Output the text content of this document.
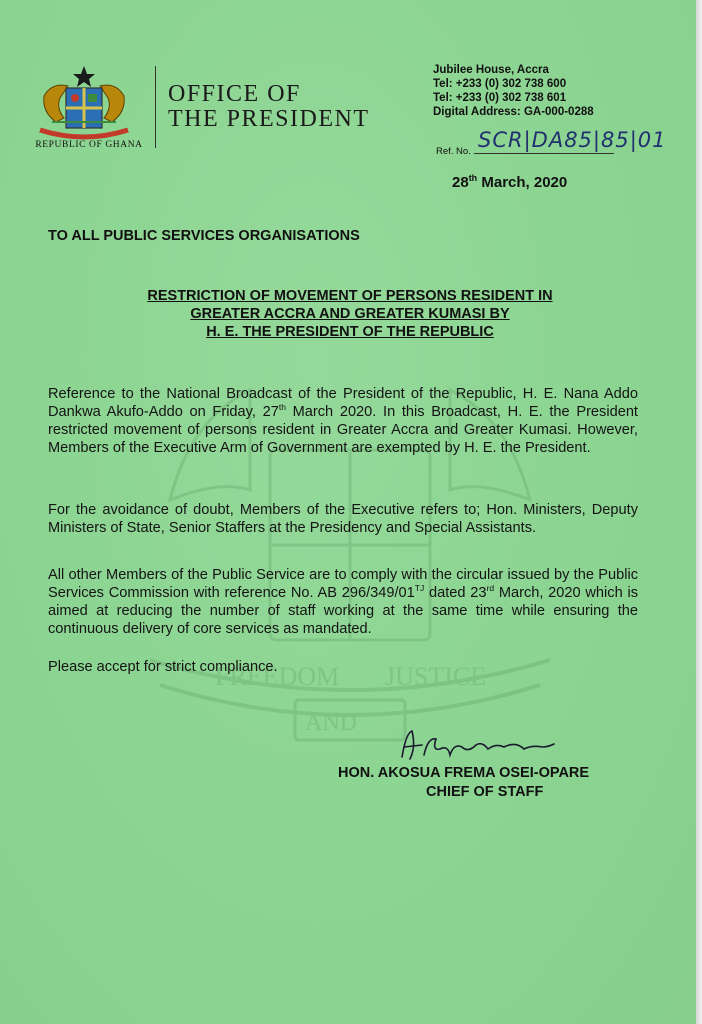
FREEDOM
AND
JUSTICE
REPUBLIC OF GHANA
OFFICE OF
THE PRESIDENT
Jubilee House, Accra
Tel: +233 (0) 302 738 600
Tel: +233 (0) 302 738 601
Digital Address: GA-000-0288
Ref. No. SCR|DA85|85|01
28th March, 2020
TO ALL PUBLIC SERVICES ORGANISATIONS
RESTRICTION OF MOVEMENT OF PERSONS RESIDENT IN
GREATER ACCRA AND GREATER KUMASI BY
H. E. THE PRESIDENT OF THE REPUBLIC
Reference to the National Broadcast of the President of the Republic, H. E. Nana Addo Dankwa Akufo-Addo on Friday, 27th March 2020. In this Broadcast, H. E. the President restricted movement of persons resident in Greater Accra and Greater Kumasi. However, Members of the Executive Arm of Government are exempted by H. E. the President.
For the avoidance of doubt, Members of the Executive refers to; Hon. Ministers, Deputy Ministers of State, Senior Staffers at the Presidency and Special Assistants.
All other Members of the Public Service are to comply with the circular issued by the Public Services Commission with reference No. AB $296/349/01^{TJ}$ dated 23rd March, 2020 which is aimed at reducing the number of staff working at the same time while ensuring the continuous delivery of core services as mandated.
Please accept for strict compliance.
HON. AKOSUA FREMA OSEI-OPARE
CHIEF OF STAFF
